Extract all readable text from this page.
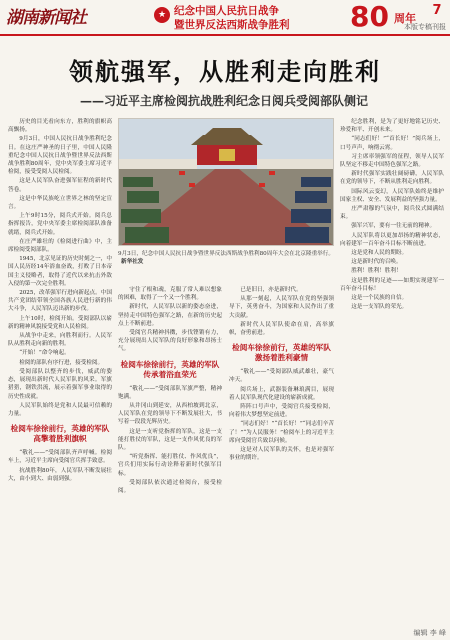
湖南新闻社	★ 纪念中国人民抗日战争
暨世界反法西斯战争胜利	80 周年
7
本版专稿刊报
领航强军，从胜利走向胜利
——习近平主席检阅抗战胜利纪念日阅兵受阅部队侧记
9月3日，纪念中国人民抗日战争暨世界反法西斯战争胜利80周年大会在北京隆重举行。新华社发

历史的目光看向东方，胜利的旗帜高高飘扬。

9月3日，中国人民抗日战争胜利纪念日。在这庄严神圣的日子里，中国人民隆重纪念中国人民抗日战争暨世界反法西斯战争胜利80周年，党中央军委主席习近平检阅，接受受阅人民检阅。

这是人民军队奋进强军征程的新时代答卷。

这是中华民族屹立世界之林的坚定宣言。

上午9时15分，阅兵式开始。阅兵总指挥报告，党中央军委主席检阅部队准备就绪，阅兵式开始。

在庄严雄壮的《检阅进行曲》中，主席检阅受阅部队。

1945，北京见证的历史时刻之一，中国人民历经14年浴血奋战，打败了日本帝国主义侵略者，取得了近代以来抗击外敌入侵的第一次完全胜利。

2025，改革强军行进向新起点。中国共产党团结带领全国各族人民进行新的伟大斗争，人民军队迈出新的步伐。

上午10时，检阅开始。受阅部队以崭新的精神风貌接受党和人民检阅。

从战争中走来，向胜利而行。人民军队从胜利走向新的胜利。

“开始！”命令响起。

检阅的部队有序行进，接受检阅。

受阅部队以整齐的步伐，威武的姿态，展现出新时代人民军队的风采。军旗猎猎，钢铁洪流，展示着强军事业取得的历史性成就。

人民军队始终是党和人民最可信赖的力量。

检阅车徐徐前行，英雄的军队高擎着胜利旗帜

“敬礼——”受阅部队齐声呼喊。检阅车上，习近平主席向受阅官兵挥手致意。

抗战胜利80年，人民军队不断发展壮大，由小到大、由弱到强。

守住了根和魂，克服了常人难以想象的困难，取得了一个又一个胜利。

新时代，人民军队以新的姿态奋进，坚持走中国特色强军之路，在新的历史起点上不断前进。

受阅官兵精神抖擞，步伐铿锵有力，充分展现出人民军队的良好形象和昂扬士气。

检阅车徐徐前行，英雄的军队传承着浴血荣光

“敬礼——”受阅部队军旗严整，精神饱满。

从井冈山到延安，从西柏坡到北京，人民军队在党的领导下不断发展壮大，书写着一段段光辉历史。

这是一支听党指挥的军队，这是一支能打胜仗的军队，这是一支作风优良的军队。

“听党指挥、能打胜仗、作风优良”，官兵们用实际行动诠释着新时代强军目标。

受阅部队依次通过检阅台，接受检阅。

已是旧日，亦是新时代。

从那一刻起，人民军队在党的坚强领导下，英勇奋斗，为国家和人民作出了重大贡献。

新时代人民军队使命在肩，高举旗帜，奋勇前进。

检阅车徐徐前行，英雄的军队激扬着胜利豪情

“敬礼——”受阅部队威武雄壮，豪气冲天。

阅兵场上，武器装备琳琅满目，展现着人民军队现代化建设的崭新成就。

阵阵口号声中，受阅官兵接受检阅，向着伟大梦想坚定前进。

“同志们好！”“首长好！”“同志们辛苦了！”“为人民服务！”检阅车上的习近平主席向受阅官兵致以问候。

这是对人民军队的关怀，也是对强军事业的期许。

纪念胜利，是为了更好地铭记历史、珍爱和平、开创未来。

“同志们好！”“首长好！”阅兵场上，口号声声，响彻云霄。

习主席率领强军的征程，领导人民军队坚定不移走中国特色强军之路。

新时代强军实践壮阔磅礴，人民军队在党的领导下，不断从胜利走向胜利。

国际风云变幻，人民军队始终是维护国家主权、安全、发展利益的坚强力量。

庄严肃穆的气氛中，阅兵仪式圆满结束。

强军兴军，要有一往无前的精神。

人民军队将以更加昂扬的精神状态，向着建军一百年奋斗目标不断前进。

这是党和人民的期盼。

这是新时代的召唤。

胜利！胜利！胜利！

这是胜利的足迹——如期实现建军一百年奋斗目标！

这是一个民族的自信。

这是一支军队的荣光。

编辑 李 峰
